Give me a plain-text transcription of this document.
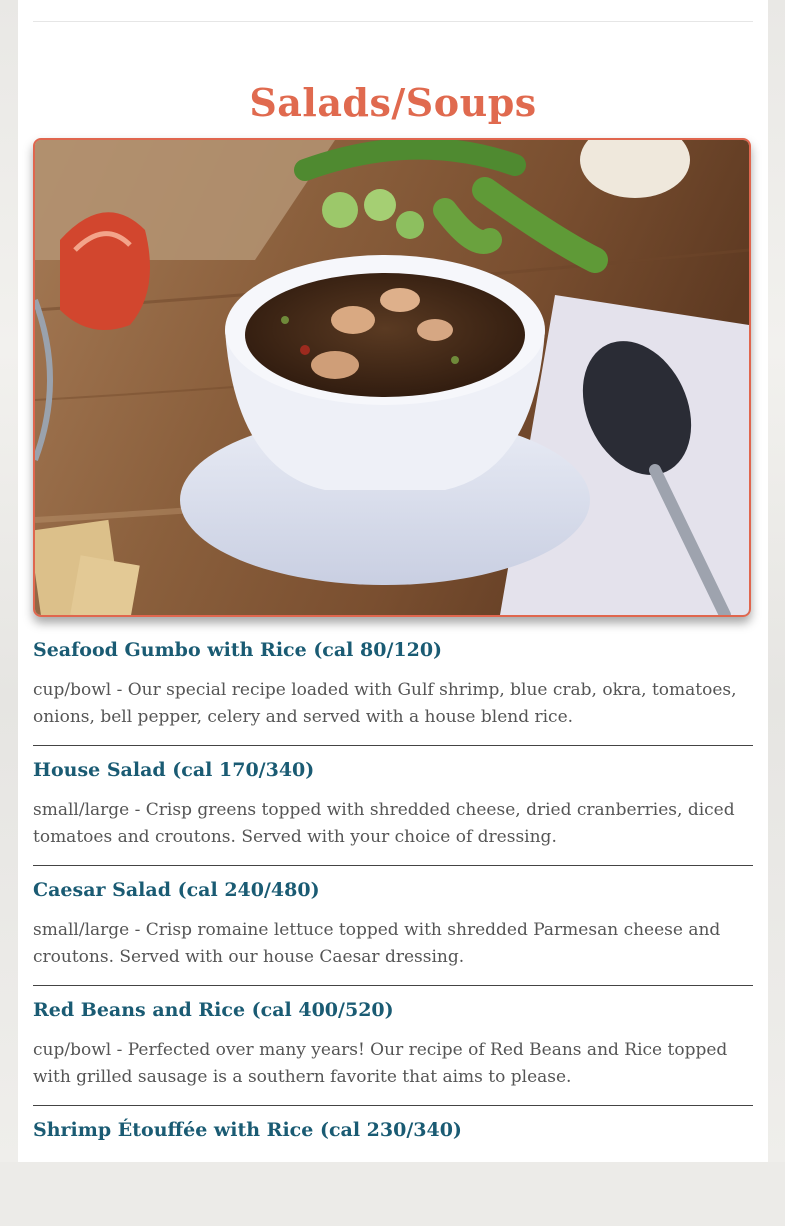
Salads/Soups
Seafood Gumbo with Rice (cal 80/120)

cup/bowl - Our special recipe loaded with Gulf shrimp, blue crab, okra, tomatoes, onions, bell pepper, celery and served with a house blend rice.

House Salad (cal 170/340)

small/large - Crisp greens topped with shredded cheese, dried cranberries, diced tomatoes and croutons. Served with your choice of dressing.

Caesar Salad (cal 240/480)

small/large - Crisp romaine lettuce topped with shredded Parmesan cheese and croutons. Served with our house Caesar dressing.

Red Beans and Rice (cal 400/520)

cup/bowl - Perfected over many years! Our recipe of Red Beans and Rice topped with grilled sausage is a southern favorite that aims to please.

Shrimp Étouffée with Rice (cal 230/340)
